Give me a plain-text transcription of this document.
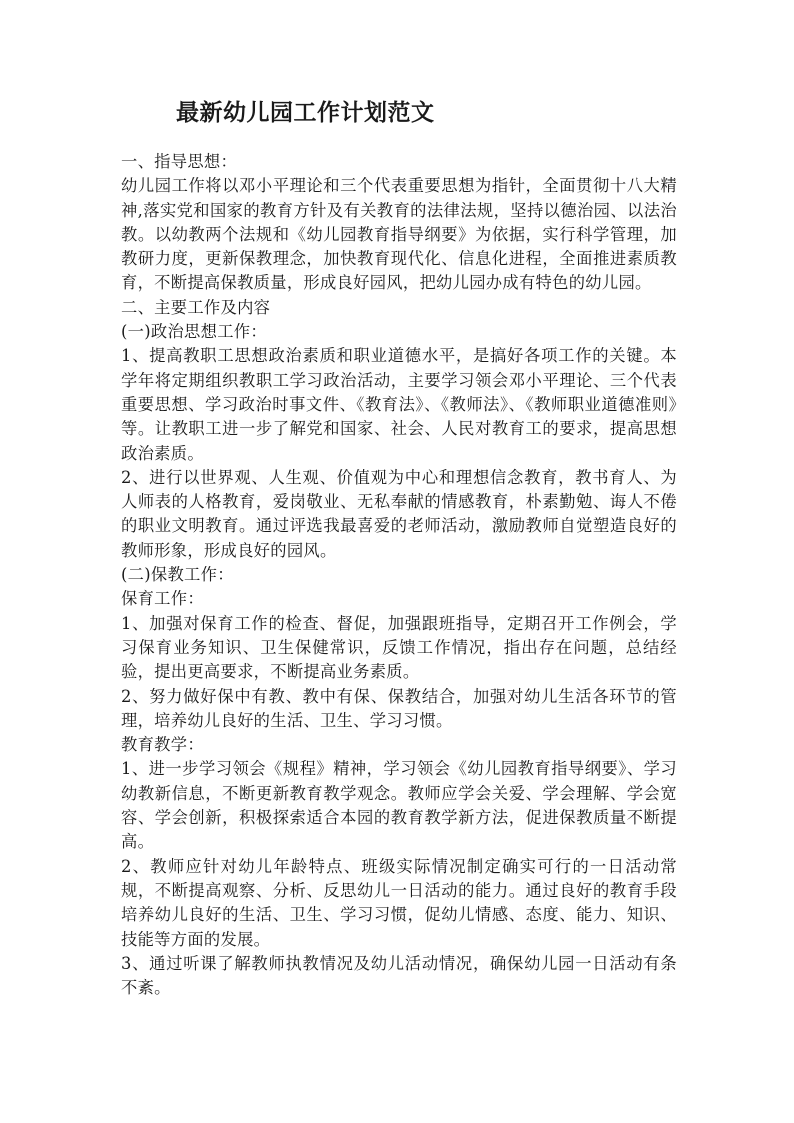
最新幼儿园工作计划范文

一、指导思想：

幼儿园工作将以邓小平理论和三个代表重要思想为指针，全面贯彻十八大精神,落实党和国家的教育方针及有关教育的法律法规，坚持以德治园、以法治教。以幼教两个法规和《幼儿园教育指导纲要》为依据，实行科学管理，加教研力度，更新保教理念，加快教育现代化、信息化进程，全面推进素质教育，不断提高保教质量，形成良好园风，把幼儿园办成有特色的幼儿园。

二、主要工作及内容

(一)政治思想工作：

1、提高教职工思想政治素质和职业道德水平，是搞好各项工作的关键。本学年将定期组织教职工学习政治活动，主要学习领会邓小平理论、三个代表重要思想、学习政治时事文件、《教育法》、《教师法》、《教师职业道德准则》等。让教职工进一步了解党和国家、社会、人民对教育工的要求，提高思想政治素质。

2、进行以世界观、人生观、价值观为中心和理想信念教育，教书育人、为人师表的人格教育，爱岗敬业、无私奉献的情感教育，朴素勤勉、诲人不倦的职业文明教育。通过评选我最喜爱的老师活动，激励教师自觉塑造良好的教师形象，形成良好的园风。

(二)保教工作：

保育工作：

1、加强对保育工作的检查、督促，加强跟班指导，定期召开工作例会，学习保育业务知识、卫生保健常识，反馈工作情况，指出存在问题，总结经验，提出更高要求，不断提高业务素质。

2、努力做好保中有教、教中有保、保教结合，加强对幼儿生活各环节的管理，培养幼儿良好的生活、卫生、学习习惯。

教育教学：

1、进一步学习领会《规程》精神，学习领会《幼儿园教育指导纲要》、学习幼教新信息，不断更新教育教学观念。教师应学会关爱、学会理解、学会宽容、学会创新，积极探索适合本园的教育教学新方法，促进保教质量不断提高。

2、教师应针对幼儿年龄特点、班级实际情况制定确实可行的一日活动常规，不断提高观察、分析、反思幼儿一日活动的能力。通过良好的教育手段培养幼儿良好的生活、卫生、学习习惯，促幼儿情感、态度、能力、知识、技能等方面的发展。

3、通过听课了解教师执教情况及幼儿活动情况，确保幼儿园一日活动有条不紊。
